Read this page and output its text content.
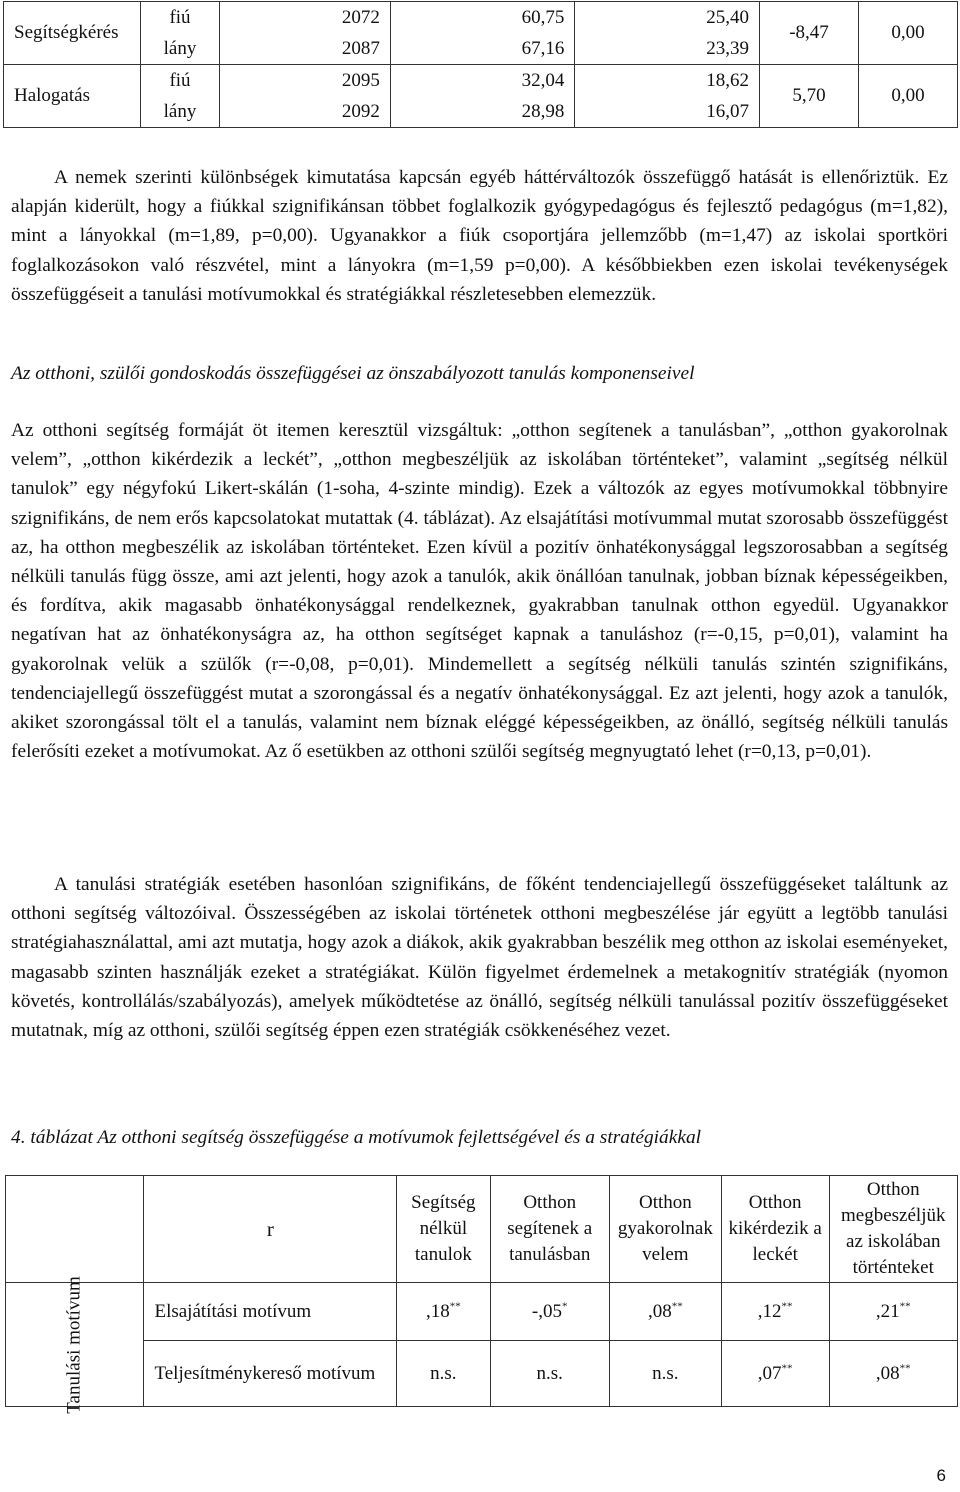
Segítségkérés	fiú	2072	60,75	25,40	-8,47	0,00
	lány	2087	67,16	23,39		
Halogatás	fiú	2095	32,04	18,62	5,70	0,00
	lány	2092	28,98	16,07		

A nemek szerinti különbségek kimutatása kapcsán egyéb háttérváltozók összefüggő hatását is ellenőriztük. Ez alapján kiderült, hogy a fiúkkal szignifikánsan többet foglalkozik gyógypedagógus és fejlesztő pedagógus (m=1,82), mint a lányokkal (m=1,89, p=0,00). Ugyanakkor a fiúk csoportjára jellemzőbb (m=1,47) az iskolai sportköri foglalkozásokon való részvétel, mint a lányokra (m=1,59 p=0,00). A későbbiekben ezen iskolai tevékenységek összefüggéseit a tanulási motívumokkal és stratégiákkal részletesebben elemezzük.

Az otthoni, szülői gondoskodás összefüggései az önszabályozott tanulás komponenseivel

Az otthoni segítség formáját öt itemen keresztül vizsgáltuk: „otthon segítenek a tanulásban”, „otthon gyakorolnak velem”, „otthon kikérdezik a leckét”, „otthon megbeszéljük az iskolában történteket”, valamint „segítség nélkül tanulok” egy négyfokú Likert-skálán (1-soha, 4-szinte mindig). Ezek a változók az egyes motívumokkal többnyire szignifikáns, de nem erős kapcsolatokat mutattak (4. táblázat). Az elsajátítási motívummal mutat szorosabb összefüggést az, ha otthon megbeszélik az iskolában történteket. Ezen kívül a pozitív önhatékonysággal legszorosabban a segítség nélküli tanulás függ össze, ami azt jelenti, hogy azok a tanulók, akik önállóan tanulnak, jobban bíznak képességeikben, és fordítva, akik magasabb önhatékonysággal rendelkeznek, gyakrabban tanulnak otthon egyedül. Ugyanakkor negatívan hat az önhatékonyságra az, ha otthon segítséget kapnak a tanuláshoz (r=-0,15, p=0,01), valamint ha gyakorolnak velük a szülők (r=-0,08, p=0,01). Mindemellett a segítség nélküli tanulás szintén szignifikáns, tendenciajellegű összefüggést mutat a szorongással és a negatív önhatékonysággal. Ez azt jelenti, hogy azok a tanulók, akiket szorongással tölt el a tanulás, valamint nem bíznak eléggé képességeikben, az önálló, segítség nélküli tanulás felerősíti ezeket a motívumokat. Az ő esetükben az otthoni szülői segítség megnyugtató lehet (r=0,13, p=0,01).

A tanulási stratégiák esetében hasonlóan szignifikáns, de főként tendenciajellegű összefüggéseket találtunk az otthoni segítség változóival. Összességében az iskolai történetek otthoni megbeszélése jár együtt a legtöbb tanulási stratégiahasználattal, ami azt mutatja, hogy azok a diákok, akik gyakrabban beszélik meg otthon az iskolai eseményeket, magasabb szinten használják ezeket a stratégiákat. Külön figyelmet érdemelnek a metakognitív stratégiák (nyomon követés, kontrollálás/szabályozás), amelyek működtetése az önálló, segítség nélküli tanulással pozitív összefüggéseket mutatnak, míg az otthoni, szülői segítség éppen ezen stratégiák csökkenéséhez vezet.

4. táblázat Az otthoni segítség összefüggése a motívumok fejlettségével és a stratégiákkal

	r	Segítség nélkül tanulok	Otthon segítenek a tanulásban	Otthon gyakorolnak velem	Otthon kikérdezik a leckét	Otthon megbeszéljük az iskolában történteket
Tanulási motívum	Elsajátítási motívum	,18**	-,05*	,08**	,12**	,21**
	Teljesítménykereső motívum	n.s.	n.s.	n.s.	,07**	,08**
6
